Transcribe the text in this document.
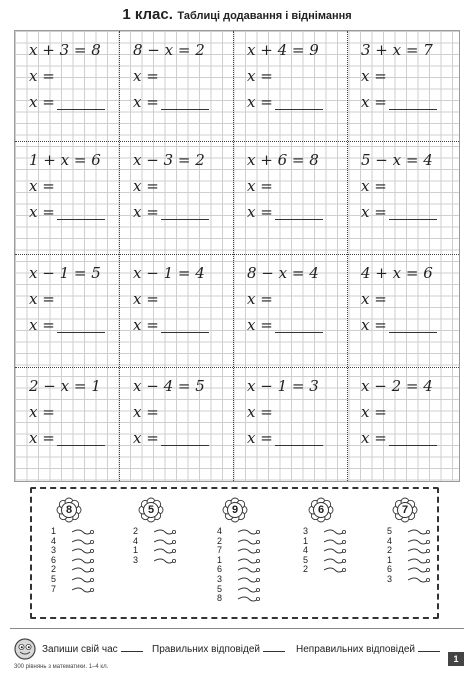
1 клас. Таблиці додавання і віднімання
𝑥 + 3 = 8
𝑥 =
𝑥 =
8 − 𝑥 = 2
𝑥 =
𝑥 =
𝑥 + 4 = 9
𝑥 =
𝑥 =
3 + 𝑥 = 7
𝑥 =
𝑥 =
1 + 𝑥 = 6
𝑥 =
𝑥 =
𝑥 − 3 = 2
𝑥 =
𝑥 =
𝑥 + 6 = 8
𝑥 =
𝑥 =
5 − 𝑥 = 4
𝑥 =
𝑥 =
𝑥 − 1 = 5
𝑥 =
𝑥 =
𝑥 − 1 = 4
𝑥 =
𝑥 =
8 − 𝑥 = 4
𝑥 =
𝑥 =
4 + 𝑥 = 6
𝑥 =
𝑥 =
2 − 𝑥 = 1
𝑥 =
𝑥 =
𝑥 − 4 = 5
𝑥 =
𝑥 =
𝑥 − 1 = 3
𝑥 =
𝑥 =
𝑥 − 2 = 4
𝑥 =
𝑥 =
8
1
4
3
6
2
5
7
5
2
4
1
3
9
4
2
7
1
6
3
5
8
6
3
1
4
5
2
7
5
4
2
1
6
3
Запиши свій час	Правильних відповідей	Неправильних відповідей
300 рівнянь з математики. 1–4 кл.
1
